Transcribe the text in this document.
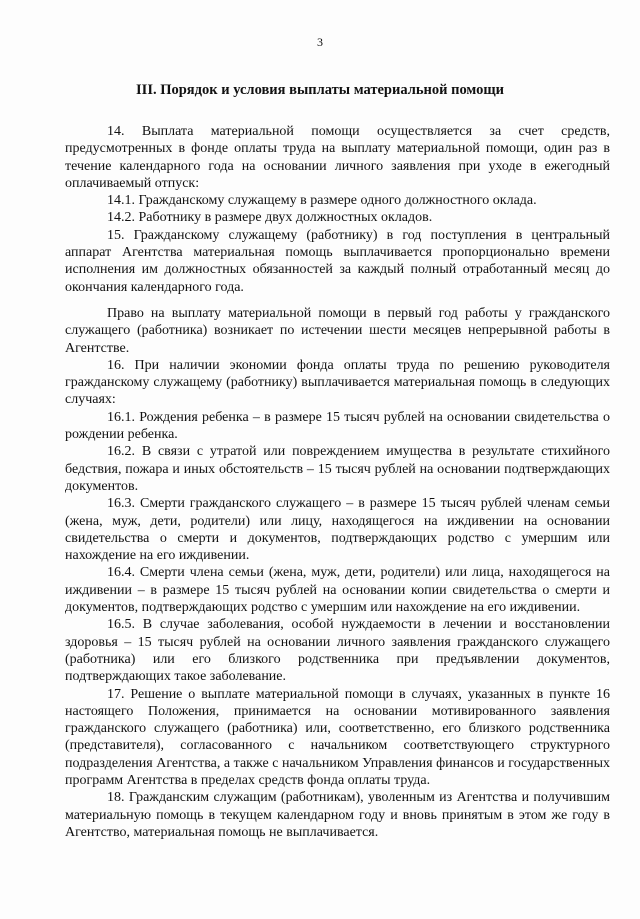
3
III. Порядок и условия выплаты материальной помощи

14. Выплата материальной помощи осуществляется за счет средств, предусмотренных в фонде оплаты труда на выплату материальной помощи, один раз в течение календарного года на основании личного заявления при уходе в ежегодный оплачиваемый отпуск:

14.1. Гражданскому служащему в размере одного должностного оклада.

14.2. Работнику в размере двух должностных окладов.

15. Гражданскому служащему (работнику) в год поступления в центральный аппарат Агентства материальная помощь выплачивается пропорционально времени исполнения им должностных обязанностей за каждый полный отработанный месяц до окончания календарного года.

Право на выплату материальной помощи в первый год работы у гражданского служащего (работника) возникает по истечении шести месяцев непрерывной работы в Агентстве.

16. При наличии экономии фонда оплаты труда по решению руководителя гражданскому служащему (работнику) выплачивается материальная помощь в следующих случаях:

16.1. Рождения ребенка – в размере 15 тысяч рублей на основании свидетельства о рождении ребенка.

16.2. В связи с утратой или повреждением имущества в результате стихийного бедствия, пожара и иных обстоятельств – 15 тысяч рублей на основании подтверждающих документов.

16.3. Смерти гражданского служащего – в размере 15 тысяч рублей членам семьи (жена, муж, дети, родители) или лицу, находящегося на иждивении на основании свидетельства о смерти и документов, подтверждающих родство с умершим или нахождение на его иждивении.

16.4. Смерти члена семьи (жена, муж, дети, родители) или лица, находящегося на иждивении – в размере 15 тысяч рублей на основании копии свидетельства о смерти и документов, подтверждающих родство с умершим или нахождение на его иждивении.

16.5. В случае заболевания, особой нуждаемости в лечении и восстановлении здоровья – 15 тысяч рублей на основании личного заявления гражданского служащего (работника) или его близкого родственника при предъявлении документов, подтверждающих такое заболевание.

17. Решение о выплате материальной помощи в случаях, указанных в пункте 16 настоящего Положения, принимается на основании мотивированного заявления гражданского служащего (работника) или, соответственно, его близкого родственника (представителя), согласованного с начальником соответствующего структурного подразделения Агентства, а также с начальником Управления финансов и государственных программ Агентства в пределах средств фонда оплаты труда.

18. Гражданским служащим (работникам), уволенным из Агентства и получившим материальную помощь в текущем календарном году и вновь принятым в этом же году в Агентство, материальная помощь не выплачивается.
